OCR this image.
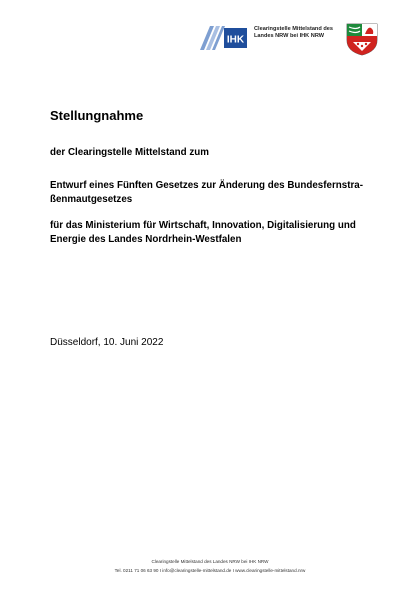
IHK
Clearingstelle Mittelstand des
Landes NRW bei IHK NRW
Stellungnahme
der Clearingstelle Mittelstand zum
Entwurf eines Fünften Gesetzes zur Änderung des Bundesfernstra-
ßenmautgesetzes
für das Ministerium für Wirtschaft, Innovation, Digitalisierung und
Energie des Landes Nordrhein-Westfalen
Düsseldorf, 10. Juni 2022
Clearingstelle Mittelstand des Landes NRW bei IHK NRW
Tel. 0211 71 06 63 90 I info@clearingstelle-mittelstand.de I www.clearingstelle-mittelstand.nrw
